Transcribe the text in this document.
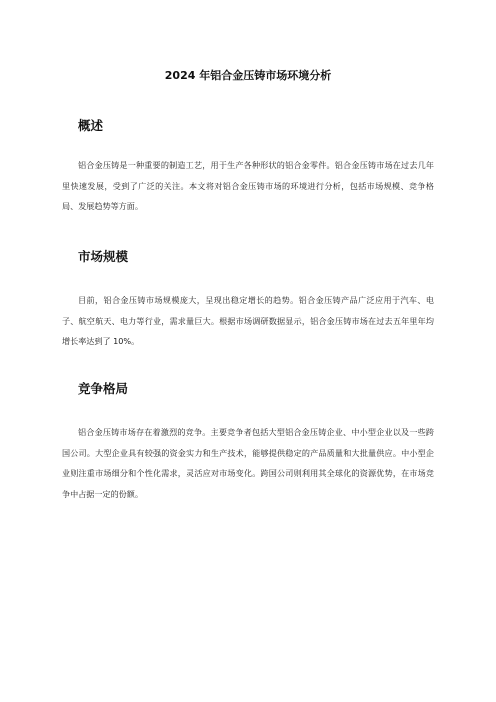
2024 年铝合金压铸市场环境分析
概述
铝合金压铸是一种重要的制造工艺，用于生产各种形状的铝合金零件。铝合金压铸市场在过去几年里快速发展，受到了广泛的关注。本文将对铝合金压铸市场的环境进行分析，包括市场规模、竞争格局、发展趋势等方面。
市场规模
目前，铝合金压铸市场规模庞大，呈现出稳定增长的趋势。铝合金压铸产品广泛应用于汽车、电子、航空航天、电力等行业，需求量巨大。根据市场调研数据显示，铝合金压铸市场在过去五年里年均增长率达到了 10%。
竞争格局
铝合金压铸市场存在着激烈的竞争。主要竞争者包括大型铝合金压铸企业、中小型企业以及一些跨国公司。大型企业具有较强的资金实力和生产技术，能够提供稳定的产品质量和大批量供应。中小型企业则注重市场细分和个性化需求，灵活应对市场变化。跨国公司则利用其全球化的资源优势，在市场竞争中占据一定的份额。
